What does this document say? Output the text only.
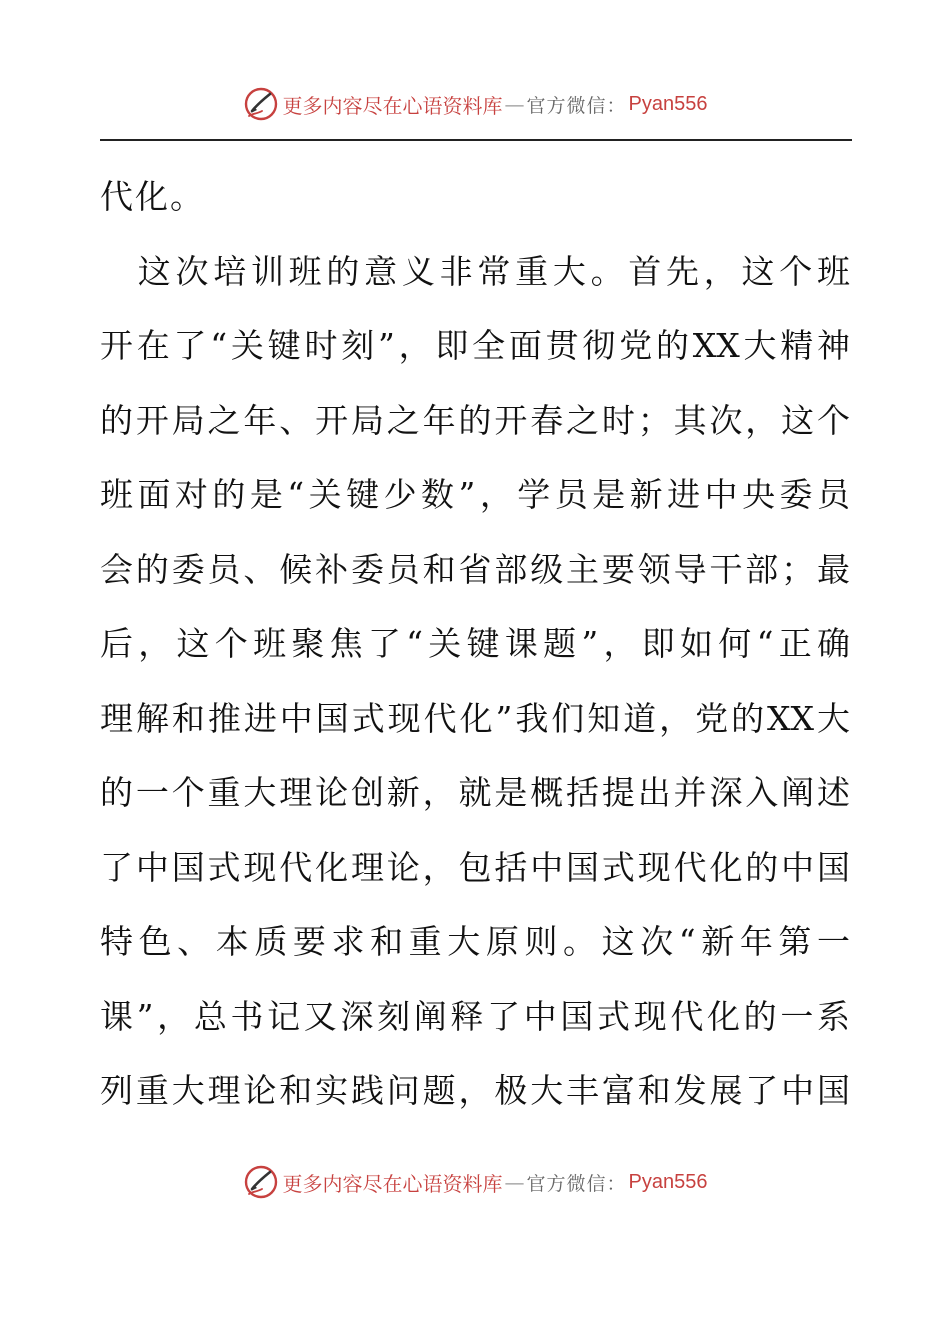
更多内容尽在心语资料库 — 官方微信： Pyan556
代化。
　这次培训班的意义非常重大。首先，这个班
开在了“关键时刻”，即全面贯彻党的XX大精神
的开局之年、开局之年的开春之时；其次，这个
班面对的是“关键少数”，学员是新进中央委员
会的委员、候补委员和省部级主要领导干部；最
后，这个班聚焦了“关键课题”，即如何“正确
理解和推进中国式现代化”我们知道，党的XX大
的一个重大理论创新，就是概括提出并深入阐述
了中国式现代化理论，包括中国式现代化的中国
特色、本质要求和重大原则。这次“新年第一
课”，总书记又深刻阐释了中国式现代化的一系
列重大理论和实践问题，极大丰富和发展了中国
更多内容尽在心语资料库 — 官方微信： Pyan556
